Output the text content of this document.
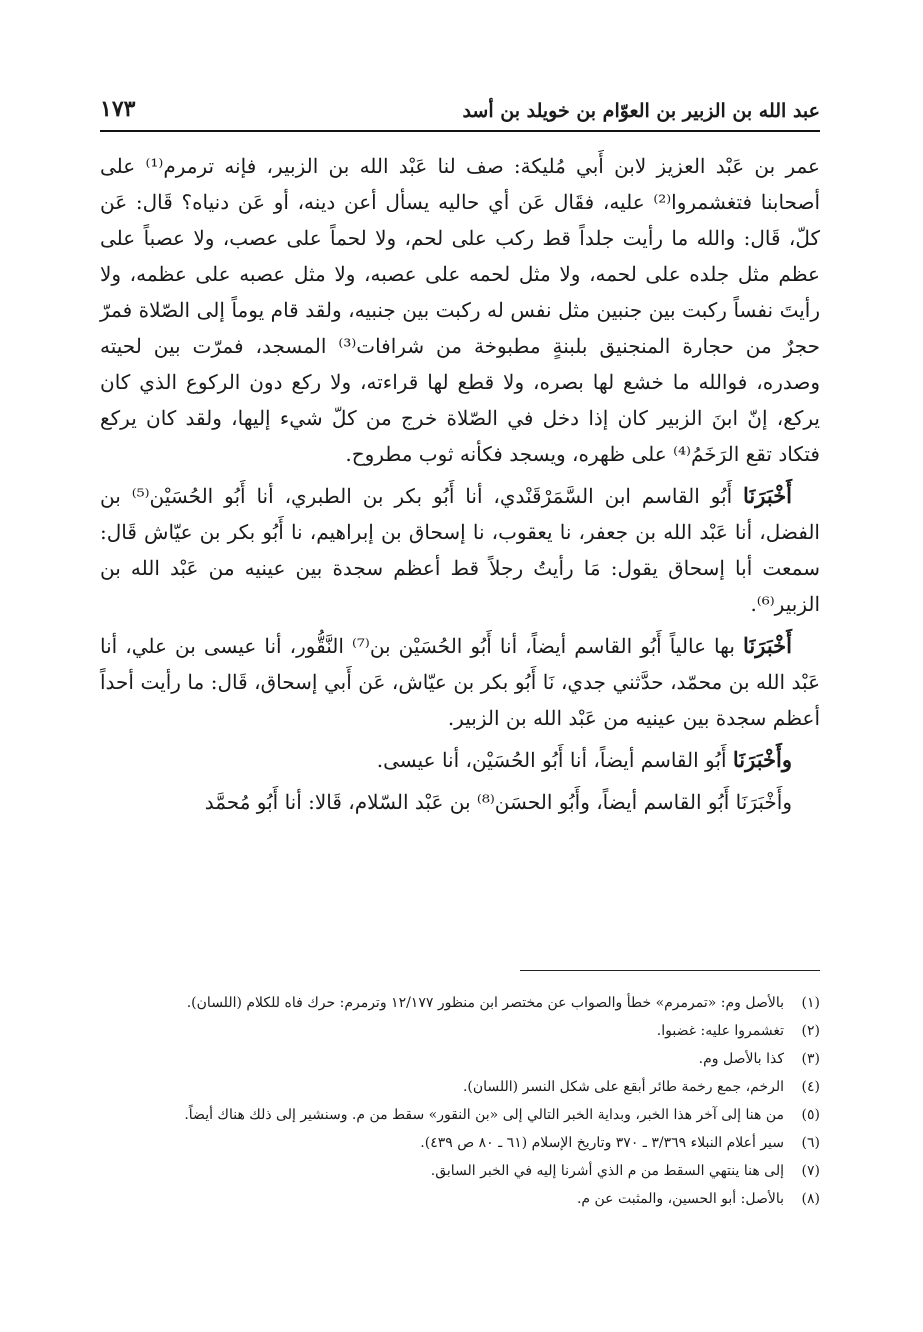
عبد الله بن الزبير بن العوّام بن خويلد بن أسد
١٧٣

عمر بن عَبْد العزيز لابن أَبي مُليكة: صف لنا عَبْد الله بن الزبير، فإنه ترمرم⁽¹⁾ على أصحابنا فتغشمروا⁽²⁾ عليه، فقَال عَن أي حاليه يسأل أعن دينه، أو عَن دنياه؟ قَال: عَن كلّ، قَال: والله ما رأيت جلداً قط ركب على لحم، ولا لحماً على عصب، ولا عصباً على عظم مثل جلده على لحمه، ولا مثل لحمه على عصبه، ولا مثل عصبه على عظمه، ولا رأيتَ نفساً ركبت بين جنبين مثل نفس له ركبت بين جنبيه، ولقد قام يوماً إلى الصّلاة فمرّ حجرٌ من حجارة المنجنيق بلبنةٍ مطبوخة من شرافات⁽³⁾ المسجد، فمرّت بين لحيته وصدره، فوالله ما خشع لها بصره، ولا قطع لها قراءته، ولا ركع دون الركوع الذي كان يركع، إنّ ابنَ الزبير كان إذا دخل في الصّلاة خرج من كلّ شيء إليها، ولقد كان يركع فتكاد تقع الرَخَمُ⁽⁴⁾ على ظهره، ويسجد فكأنه ثوب مطروح.

أَخْبَرَنَا أَبُو القاسم ابن السَّمَرْقَنْدي، أنا أَبُو بكر بن الطبري، أنا أَبُو الحُسَيْن⁽⁵⁾ بن الفضل، أنا عَبْد الله بن جعفر، نا يعقوب، نا إسحاق بن إبراهيم، نا أَبُو بكر بن عيّاش قَال: سمعت أبا إسحاق يقول: مَا رأيتُ رجلاً قط أعظم سجدة بين عينيه من عَبْد الله بن الزبير⁽⁶⁾.

أَخْبَرَنَا بها عالياً أَبُو القاسم أيضاً، أنا أَبُو الحُسَيْن بن⁽⁷⁾ النَّقُّور، أنا عيسى بن علي، أنا عَبْد الله بن محمّد، حدَّثني جدي، نَا أَبُو بكر بن عيّاش، عَن أَبي إسحاق، قَال: ما رأيت أحداً أعظم سجدة بين عينيه من عَبْد الله بن الزبير.

وأَخْبَرَنَا أَبُو القاسم أيضاً، أنا أَبُو الحُسَيْن، أنا عيسى.

وأَخْبَرَنَا أَبُو القاسم أيضاً، وأَبُو الحسَن⁽⁸⁾ بن عَبْد السّلام، قَالا: أنا أَبُو مُحمَّد

(١)
بالأصل وم: «تمرمرم» خطأ والصواب عن مختصر ابن منظور ١٢/١٧٧ وترمرم: حرك فاه للكلام (اللسان).
(٢)
تغشمروا عليه: غضبوا.
(٣)
كذا بالأصل وم.
(٤)
الرخم، جمع رخمة طائر أبقع على شكل النسر (اللسان).
(٥)
من هنا إلى آخر هذا الخبر، وبداية الخبر التالي إلى «بن النقور» سقط من م. وسنشير إلى ذلك هناك أيضاً.
(٦)
سير أعلام النبلاء ٣/٣٦٩ ـ ٣٧٠ وتاريخ الإسلام (٦١ ـ ٨٠ ص ٤٣٩).
(٧)
إلى هنا ينتهي السقط من م الذي أشرنا إليه في الخبر السابق.
(٨)
بالأصل: أبو الحسين، والمثبت عن م.
